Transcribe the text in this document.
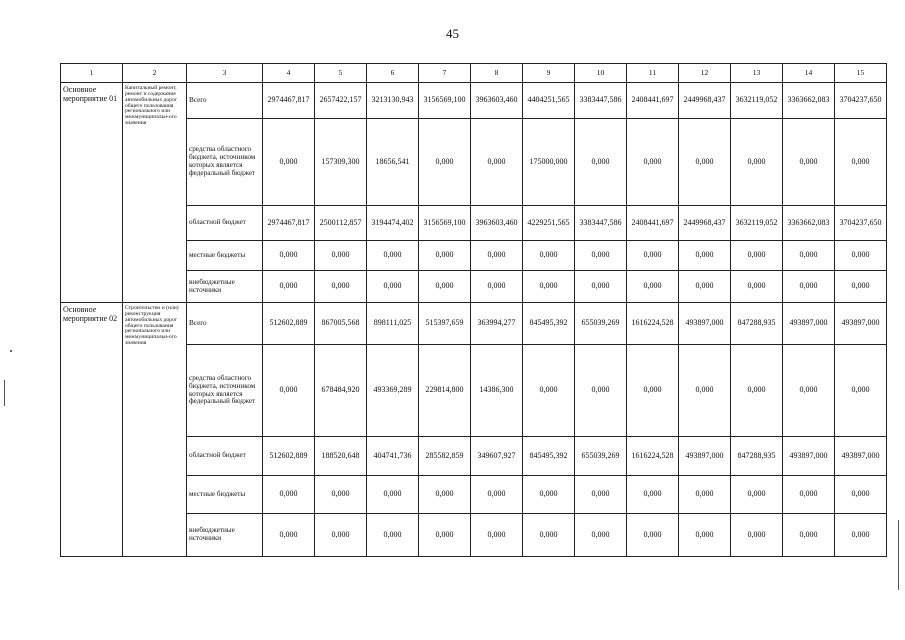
45
1	2	3	4	5	6	7	8	9	10	11	12	13	14	15
Основное мероприятие 01	Капитальный ремонт, ремонт и содержание автомобильных дорог общего пользования регионального или межмуниципальн-ого значения	Всего	2974467,817	2657422,157	3213130,943	3156569,100	3963603,460	4404251,565	3383447,586	2408441,697	2449968,437	3632119,052	3363662,083	3704237,650
		средства областного бюджета, источником которых является федеральный бюджет	0,000	157309,300	18656,541	0,000	0,000	175000,000	0,000	0,000	0,000	0,000	0,000	0,000
		областной бюджет	2974467,817	2500112,857	3194474,402	3156569,100	3963603,460	4229251,565	3383447,586	2408441,697	2449968,437	3632119,052	3363662,083	3704237,650
		местные бюджеты	0,000	0,000	0,000	0,000	0,000	0,000	0,000	0,000	0,000	0,000	0,000	0,000
		внебюджетные источники	0,000	0,000	0,000	0,000	0,000	0,000	0,000	0,000	0,000	0,000	0,000	0,000
Основное мероприятие 02	Строительство и (или) реконструкция автомобильных дорог общего пользования регионального или межмуниципальн-ого значения	Всего	512602,889	867005,568	898111,025	515397,659	363994,277	845495,392	655039,269	1616224,528	493897,000	847288,935	493897,000	493897,000
		средства областного бюджета, источником которых является федеральный бюджет	0,000	678484,920	493369,289	229814,800	14386,300	0,000	0,000	0,000	0,000	0,000	0,000	0,000
		областной бюджет	512602,889	188520,648	404741,736	285582,859	349607,927	845495,392	655039,269	1616224,528	493897,000	847288,935	493897,000	493897,000
		местные бюджеты	0,000	0,000	0,000	0,000	0,000	0,000	0,000	0,000	0,000	0,000	0,000	0,000
		внебюджетные источники	0,000	0,000	0,000	0,000	0,000	0,000	0,000	0,000	0,000	0,000	0,000	0,000
